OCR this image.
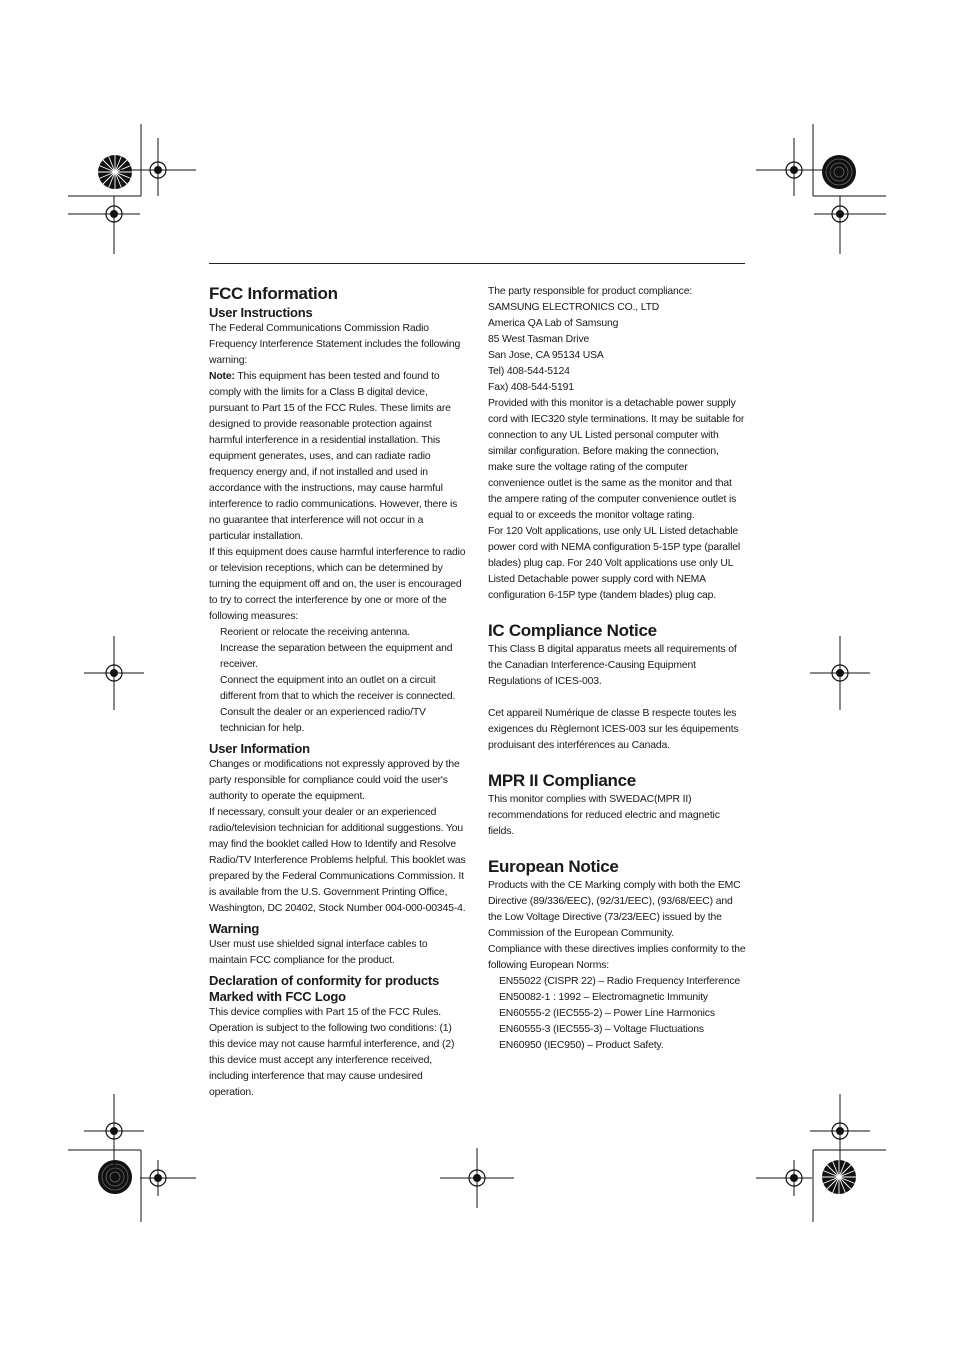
FCC Information
User Instructions

The Federal Communications Commission Radio Frequency Interference Statement includes the following warning:

Note: This equipment has been tested and found to comply with the limits for a Class B digital device, pursuant to Part 15 of the FCC Rules. These limits are designed to provide reasonable protection against harmful interference in a residential installation. This equipment generates, uses, and can radiate radio frequency energy and, if not installed and used in accordance with the instructions, may cause harmful interference to radio communications. However, there is no guarantee that interference will not occur in a particular installation.

If this equipment does cause harmful interference to radio or television receptions, which can be determined by turning the equipment off and on, the user is encouraged to try to correct the interference by one or more of the following measures:

Reorient or relocate the receiving antenna.

Increase the separation between the equipment and receiver.

Connect the equipment into an outlet on a circuit different from that to which the receiver is connected.

Consult the dealer or an experienced radio/TV technician for help.

User Information

Changes or modifications not expressly approved by the party responsible for compliance could void the user's authority to operate the equipment.

If necessary, consult your dealer or an experienced radio/television technician for additional suggestions. You may find the booklet called How to Identify and Resolve Radio/TV Interference Problems helpful. This booklet was prepared by the Federal Communications Commission. It is available from the U.S. Government Printing Office, Washington, DC 20402, Stock Number 004-000-00345-4.

Warning

User must use shielded signal interface cables to maintain FCC compliance for the product.

Declaration of conformity for products Marked with FCC Logo

This device complies with Part 15 of the FCC Rules. Operation is subject to the following two conditions: (1) this device may not cause harmful interference, and (2) this device must accept any interference received, including interference that may cause undesired operation.

The party responsible for product compliance:

SAMSUNG ELECTRONICS CO., LTD

America QA Lab of Samsung

85 West Tasman Drive

San Jose, CA 95134 USA

Tel) 408-544-5124

Fax) 408-544-5191

Provided with this monitor is a detachable power supply cord with IEC320 style terminations. It may be suitable for connection to any UL Listed personal computer with similar configuration. Before making the connection, make sure the voltage rating of the computer convenience outlet is the same as the monitor and that the ampere rating of the computer convenience outlet is equal to or exceeds the monitor voltage rating.

For 120 Volt applications, use only UL Listed detachable power cord with NEMA configuration 5-15P type (parallel blades) plug cap. For 240 Volt applications use only UL Listed Detachable power supply cord with NEMA configuration 6-15P type (tandem blades) plug cap.

IC Compliance Notice

This Class B digital apparatus meets all requirements of the Canadian Interference-Causing Equipment Regulations of ICES-003.

Cet appareil Numérique de classe B respecte toutes les exigences du Règlemont ICES-003 sur les équipements produisant des interférences au Canada.

MPR II Compliance

This monitor complies with SWEDAC(MPR II) recommendations for reduced electric and magnetic fields.

European Notice

Products with the CE Marking comply with both the EMC Directive (89/336/EEC), (92/31/EEC), (93/68/EEC) and the Low Voltage Directive (73/23/EEC) issued by the Commission of the European Community.

Compliance with these directives implies conformity to the following European Norms:

EN55022 (CISPR 22) – Radio Frequency Interference

EN50082-1 : 1992 – Electromagnetic Immunity

EN60555-2 (IEC555-2) – Power Line Harmonics

EN60555-3 (IEC555-3) – Voltage Fluctuations

EN60950 (IEC950) – Product Safety.
